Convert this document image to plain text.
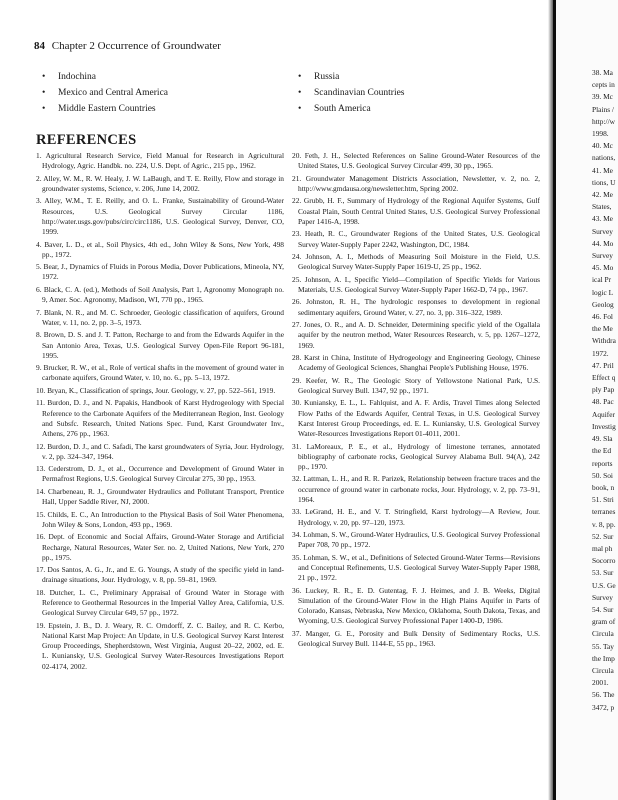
84 Chapter 2 Occurrence of Groundwater
• Indochina
• Mexico and Central America
• Middle Eastern Countries
• Russia
• Scandinavian Countries
• South America
REFERENCES
1. Agricultural Research Service, Field Manual for Research in Agricultural Hydrology, Agric. Handbk. no. 224, U.S. Dept. of Agric., 215 pp., 1962.
2. Alley, W. M., R. W. Healy, J. W. LaBaugh, and T. E. Reilly, Flow and storage in groundwater systems, Science, v. 206, June 14, 2002.
3. Alley, W.M., T. E. Reilly, and O. L. Franke, Sustainability of Ground-Water Resources, U.S. Geological Survey Circular 1186, http://water.usgs.gov/pubs/circ/circ1186, U.S. Geological Survey, Denver, CO, 1999.
4. Baver, L. D., et al., Soil Physics, 4th ed., John Wiley & Sons, New York, 498 pp., 1972.
5. Bear, J., Dynamics of Fluids in Porous Media, Dover Publications, Mineola, NY, 1972.
6. Black, C. A. (ed.), Methods of Soil Analysis, Part 1, Agronomy Monograph no. 9, Amer. Soc. Agronomy, Madison, WI, 770 pp., 1965.
7. Blank, N. R., and M. C. Schroeder, Geologic classification of aquifers, Ground Water, v. 11, no. 2, pp. 3–5, 1973.
8. Brown, D. S. and J. T. Patton, Recharge to and from the Edwards Aquifer in the San Antonio Area, Texas, U.S. Geological Survey Open-File Report 96-181, 1995.
9. Brucker, R. W., et al., Role of vertical shafts in the movement of ground water in carbonate aquifers, Ground Water, v. 10, no. 6., pp. 5–13, 1972.
10. Bryan, K., Classification of springs, Jour. Geology, v. 27, pp. 522–561, 1919.
11. Burdon, D. J., and N. Papakis, Handbook of Karst Hydrogeology with Special Reference to the Carbonate Aquifers of the Mediterranean Region, Inst. Geology and Subsfc. Research, United Nations Spec. Fund, Karst Groundwater Inv., Athens, 276 pp., 1963.
12. Burdon, D. J., and C. Safadi, The karst groundwaters of Syria, Jour. Hydrology, v. 2, pp. 324–347, 1964.
13. Cederstrom, D. J., et al., Occurrence and Development of Ground Water in Permafrost Regions, U.S. Geological Survey Circular 275, 30 pp., 1953.
14. Charbeneau, R. J., Groundwater Hydraulics and Pollutant Transport, Prentice Hall, Upper Saddle River, NJ, 2000.
15. Childs, E. C., An Introduction to the Physical Basis of Soil Water Phenomena, John Wiley & Sons, London, 493 pp., 1969.
16. Dept. of Economic and Social Affairs, Ground-Water Storage and Artificial Recharge, Natural Resources, Water Ser. no. 2, United Nations, New York, 270 pp., 1975.
17. Dos Santos, A. G., Jr., and E. G. Youngs, A study of the specific yield in land-drainage situations, Jour. Hydrology, v. 8, pp. 59–81, 1969.
18. Dutcher, L. C., Preliminary Appraisal of Ground Water in Storage with Reference to Geothermal Resources in the Imperial Valley Area, California, U.S. Geological Survey Circular 649, 57 pp., 1972.
19. Epstein, J. B., D. J. Weary, R. C. Orndorff, Z. C. Bailey, and R. C. Kerbo, National Karst Map Project: An Update, in U.S. Geological Survey Karst Interest Group Proceedings, Shepherdstown, West Virginia, August 20–22, 2002, ed. E. L. Kuniansky, U.S. Geological Survey Water-Resources Investigations Report 02-4174, 2002.
20. Feth, J. H., Selected References on Saline Ground-Water Resources of the United States, U.S. Geological Survey Circular 499, 30 pp., 1965.
21. Groundwater Management Districts Association, Newsletter, v. 2, no. 2, http://www.gmdausa.org/newsletter.htm, Spring 2002.
22. Grubb, H. F., Summary of Hydrology of the Regional Aquifer Systems, Gulf Coastal Plain, South Central United States, U.S. Geological Survey Professional Paper 1416-A, 1998.
23. Heath, R. C., Groundwater Regions of the United States, U.S. Geological Survey Water-Supply Paper 2242, Washington, DC, 1984.
24. Johnson, A. I., Methods of Measuring Soil Moisture in the Field, U.S. Geological Survey Water-Supply Paper 1619-U, 25 pp., 1962.
25. Johnson, A. I., Specific Yield—Compilation of Specific Yields for Various Materials, U.S. Geological Survey Water-Supply Paper 1662-D, 74 pp., 1967.
26. Johnston, R. H., The hydrologic responses to development in regional sedimentary aquifers, Ground Water, v. 27, no. 3, pp. 316–322, 1989.
27. Jones, O. R., and A. D. Schneider, Determining specific yield of the Ogallala aquifer by the neutron method, Water Resources Research, v. 5, pp. 1267–1272, 1969.
28. Karst in China, Institute of Hydrogeology and Engineering Geology, Chinese Academy of Geological Sciences, Shanghai People's Publishing House, 1976.
29. Keefer, W. R., The Geologic Story of Yellowstone National Park, U.S. Geological Survey Bull. 1347, 92 pp., 1971.
30. Kuniansky, E. L., L. Fahlquist, and A. F. Ardis, Travel Times along Selected Flow Paths of the Edwards Aquifer, Central Texas, in U.S. Geological Survey Karst Interest Group Proceedings, ed. E. L. Kuniansky, U.S. Geological Survey Water-Resources Investigations Report 01-4011, 2001.
31. LaMoreaux, P. E., et al., Hydrology of limestone terranes, annotated bibliography of carbonate rocks, Geological Survey Alabama Bull. 94(A), 242 pp., 1970.
32. Lattman, L. H., and R. R. Parizek, Relationship between fracture traces and the occurrence of ground water in carbonate rocks, Jour. Hydrology, v. 2, pp. 73–91, 1964.
33. LeGrand, H. E., and V. T. Stringfield, Karst hydrology—A Review, Jour. Hydrology, v. 20, pp. 97–120, 1973.
34. Lohman, S. W., Ground-Water Hydraulics, U.S. Geological Survey Professional Paper 708, 70 pp., 1972.
35. Lohman, S. W., et al., Definitions of Selected Ground-Water Terms—Revisions and Conceptual Refinements, U.S. Geological Survey Water-Supply Paper 1988, 21 pp., 1972.
36. Luckey, R. R., E. D. Gutentag, F. J. Heimes, and J. B. Weeks, Digital Simulation of the Ground-Water Flow in the High Plains Aquifer in Parts of Colorado, Kansas, Nebraska, New Mexico, Oklahoma, South Dakota, Texas, and Wyoming, U.S. Geological Survey Professional Paper 1400-D, 1986.
37. Manger, G. E., Porosity and Bulk Density of Sedimentary Rocks, U.S. Geological Survey Bull. 1144-E, 55 pp., 1963.
38. Ma
cepts in
39. Mc
Plains /
http://w
1998.
40. Mc
nations,
41. Me
tions, U
42. Me
States,
43. Me
Survey
44. Mo
Survey
45. Mo
ical Pr
logic L
Geolog
46. Fol
the Me
Withdra
1972.
47. Pril
Effect q
ply Pap
48. Pac
Aquifer
Investig
49. Sla
the Ed
reports
50. Soi
book, n
51. Stri
terranes
v. 8, pp.
52. Sur
mal ph
Socorro
53. Sur
U.S. Ge
Survey
54. Sur
gram of
Circula
55. Tay
the Imp
Circula
2001.
56. The
3472, p
